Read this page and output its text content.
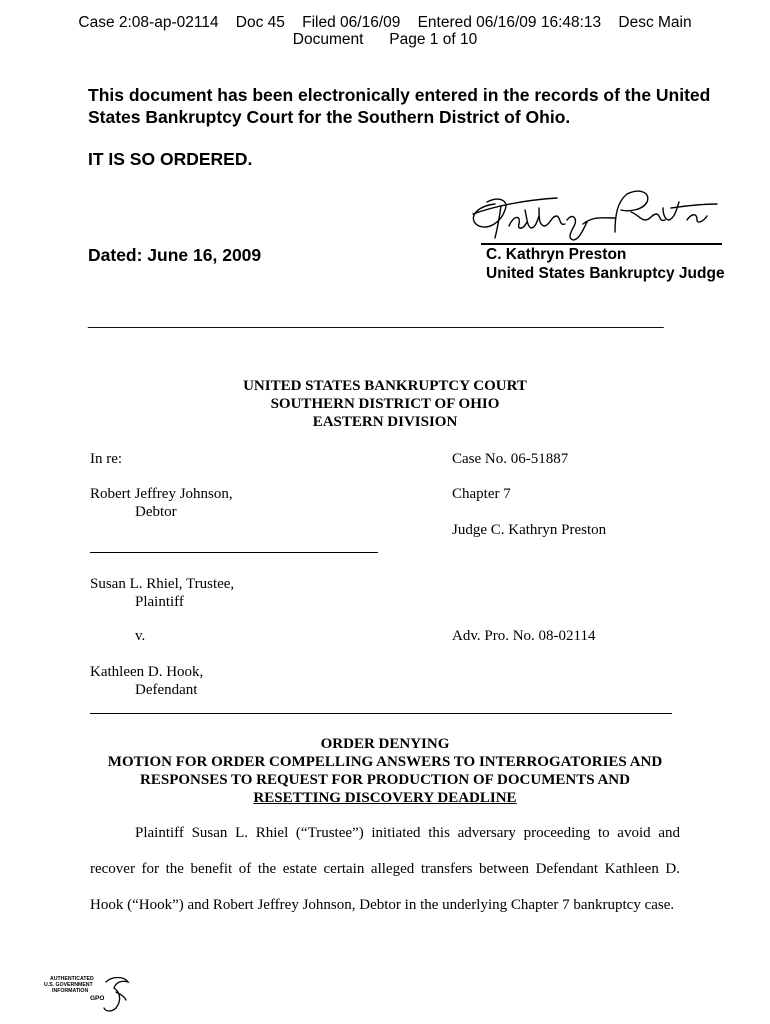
Case 2:08-ap-02114    Doc 45    Filed 06/16/09    Entered 06/16/09 16:48:13    Desc Main
Document      Page 1 of 10
This document has been electronically entered in the records of the United States Bankruptcy Court for the Southern District of Ohio.
IT IS SO ORDERED.
Dated: June 16, 2009	C. Kathryn Preston
United States Bankruptcy Judge
_____________________________________________________________________
UNITED STATES BANKRUPTCY COURT
SOUTHERN DISTRICT OF OHIO
EASTERN DIVISION
In re:	Case No. 06-51887
Robert Jeffrey Johnson,	Chapter 7
Debtor
Judge C. Kathryn Preston
Susan L. Rhiel, Trustee,
Plaintiff
v.	Adv. Pro. No. 08-02114
Kathleen D. Hook,
Defendant
ORDER DENYING
MOTION FOR ORDER COMPELLING ANSWERS TO INTERROGATORIES AND
RESPONSES TO REQUEST FOR PRODUCTION OF DOCUMENTS AND
RESETTING DISCOVERY DEADLINE
Plaintiff Susan L. Rhiel (“Trustee”) initiated this adversary proceeding to avoid and
recover for the benefit of the estate certain alleged transfers between Defendant Kathleen D.
Hook (“Hook”) and Robert Jeffrey Johnson, Debtor in the underlying Chapter 7 bankruptcy case.
AUTHENTICATED
U.S. GOVERNMENT
INFORMATION
GPO
